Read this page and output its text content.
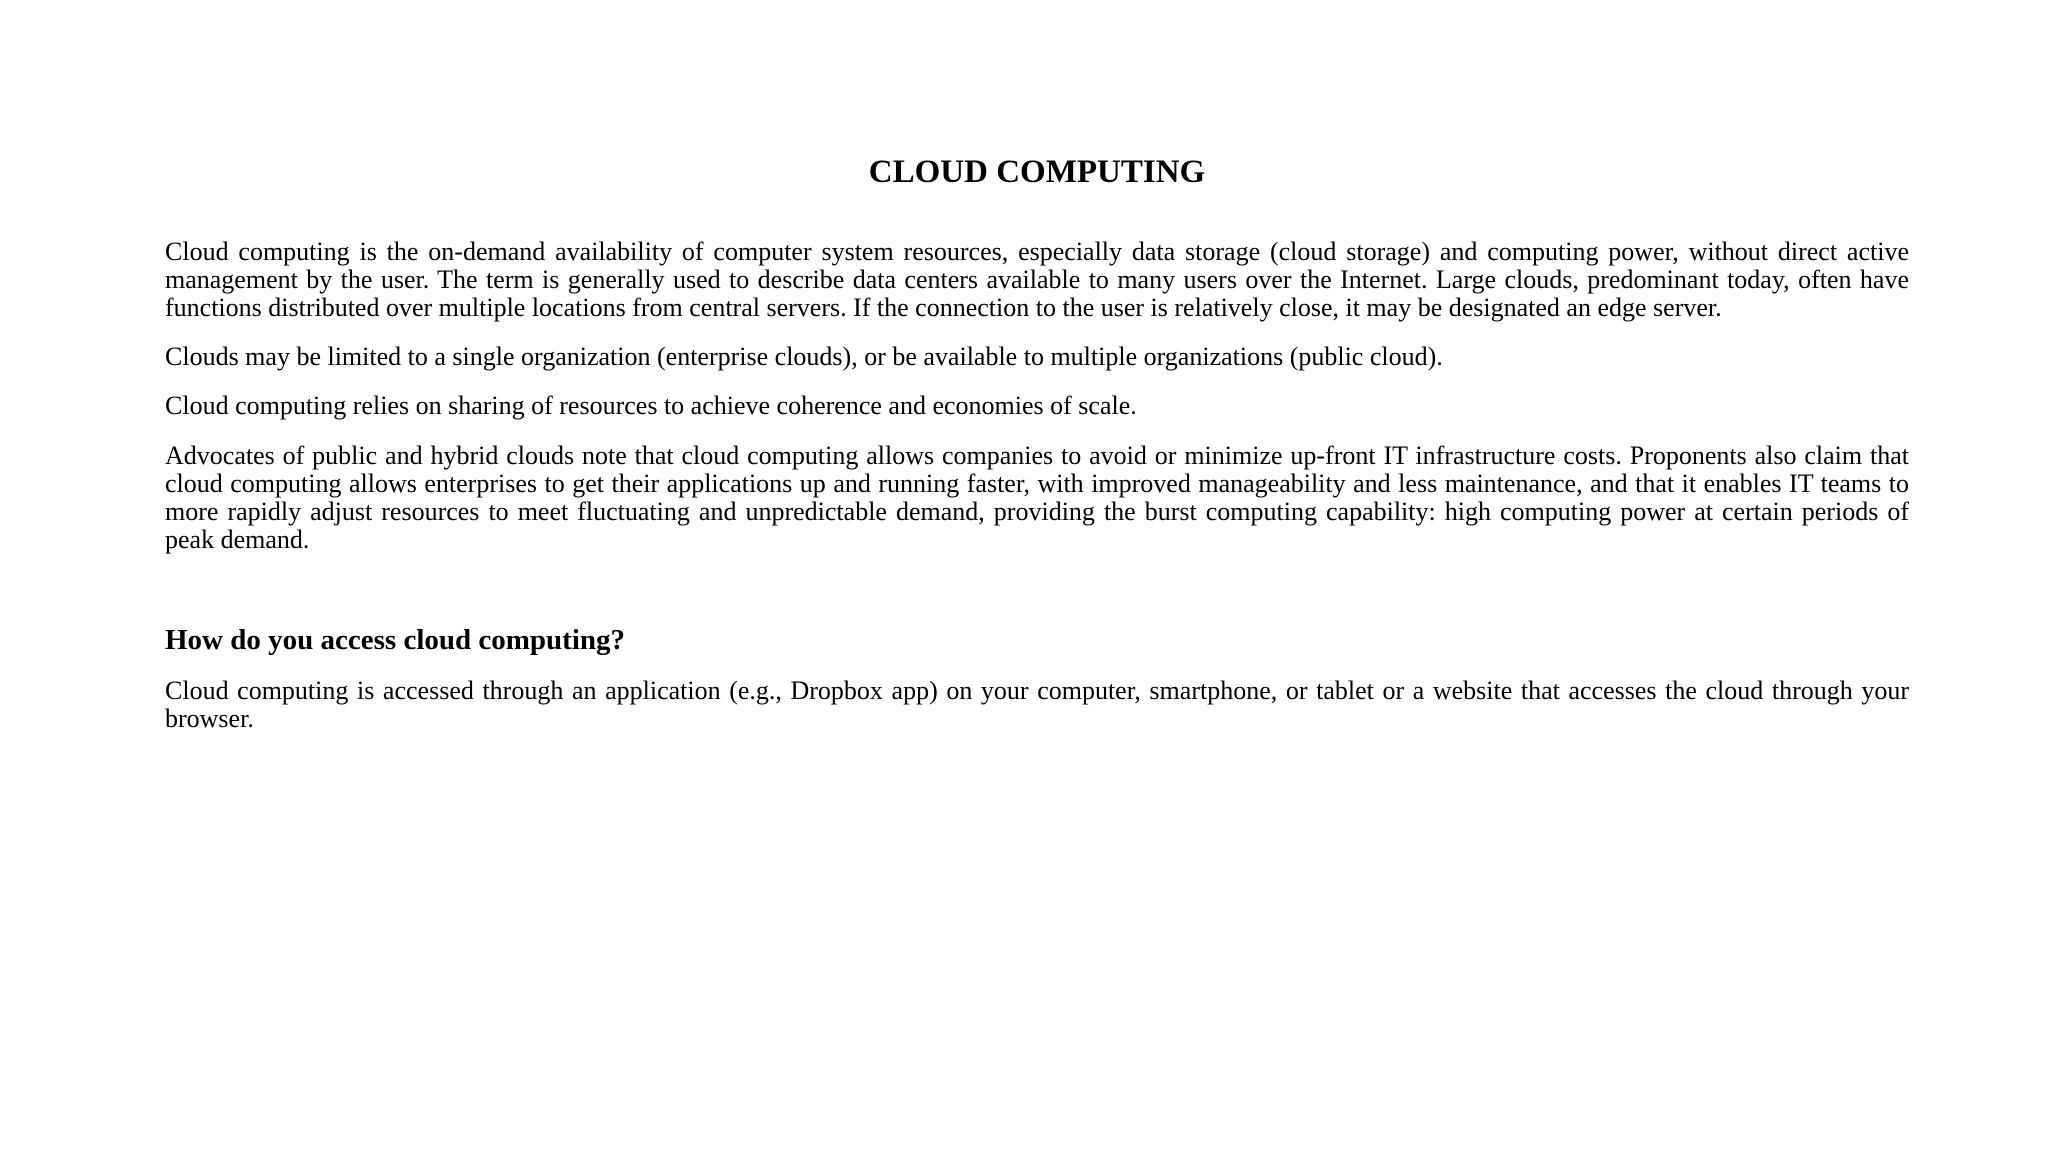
CLOUD COMPUTING

Cloud computing is the on-demand availability of computer system resources, especially data storage (cloud storage) and computing power, without direct active management by the user. The term is generally used to describe data centers available to many users over the Internet. Large clouds, predominant today, often have functions distributed over multiple locations from central servers. If the connection to the user is relatively close, it may be designated an edge server.

Clouds may be limited to a single organization (enterprise clouds), or be available to multiple organizations (public cloud).

Cloud computing relies on sharing of resources to achieve coherence and economies of scale.

Advocates of public and hybrid clouds note that cloud computing allows companies to avoid or minimize up-front IT infrastructure costs. Proponents also claim that cloud computing allows enterprises to get their applications up and running faster, with improved manageability and less maintenance, and that it enables IT teams to more rapidly adjust resources to meet fluctuating and unpredictable demand, providing the burst computing capability: high computing power at certain periods of peak demand.

How do you access cloud computing?

Cloud computing is accessed through an application (e.g., Dropbox app) on your computer, smartphone, or tablet or a website that accesses the cloud through your browser.
